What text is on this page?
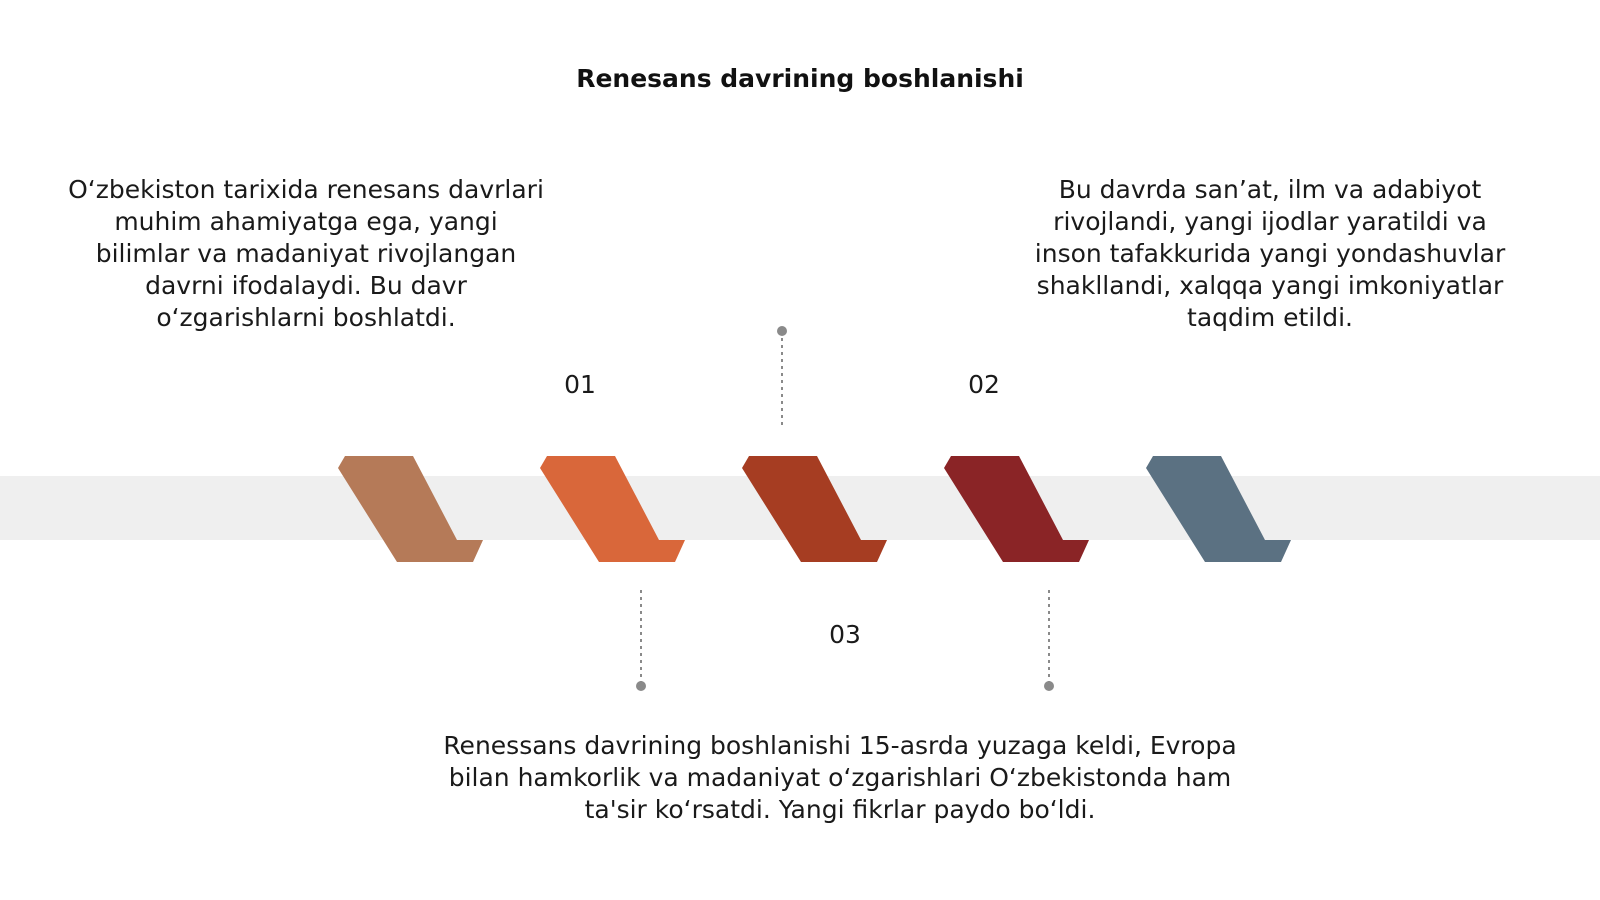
Renesans davrining boshlanishi
O‘zbekiston tarixida renesans davrlari muhim ahamiyatga ega, yangi bilimlar va madaniyat rivojlangan davrni ifodalaydi. Bu davr o‘zgarishlarni boshlatdi.
Bu davrda san’at, ilm va adabiyot rivojlandi, yangi ijodlar yaratildi va inson tafakkurida yangi yondashuvlar shakllandi, xalqqa yangi imkoniyatlar taqdim etildi.
Renessans davrining boshlanishi 15-asrda yuzaga keldi, Evropa bilan hamkorlik va madaniyat o‘zgarishlari O‘zbekistonda ham ta'sir ko‘rsatdi. Yangi fikrlar paydo bo‘ldi.
01	02
03
